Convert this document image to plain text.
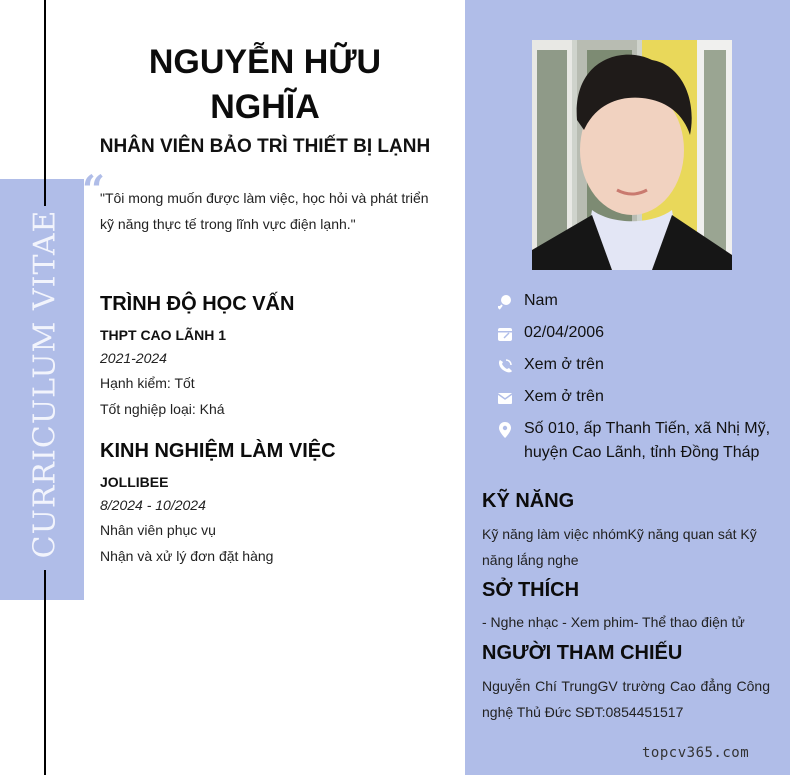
CURRICULUM VITAE
NGUYỄN HỮU
NGHĨA
NHÂN VIÊN BẢO TRÌ THIẾT BỊ LẠNH
“
"Tôi mong muốn được làm việc, học hỏi và phát triển kỹ năng thực tế trong lĩnh vực điện lạnh."
TRÌNH ĐỘ HỌC VẤN
THPT CAO LÃNH 1
2021-2024
Hạnh kiểm: Tốt
Tốt nghiệp loại: Khá
KINH NGHIỆM LÀM VIỆC
JOLLIBEE
8/2024 - 10/2024
Nhân viên phục vụ
Nhận và xử lý đơn đặt hàng
Nam
02/04/2006
Xem ở trên
Xem ở trên
Số 010, ấp Thanh Tiến, xã Nhị Mỹ, huyện Cao Lãnh, tỉnh Đồng Tháp
KỸ NĂNG
Kỹ năng làm việc nhómKỹ năng quan sát Kỹ năng lắng nghe
SỞ THÍCH
- Nghe nhạc - Xem phim- Thể thao điện tử
NGƯỜI THAM CHIẾU
Nguyễn Chí TrungGV trường Cao đẳng Công nghệ Thủ Đức SĐT:0854451517
topcv365.com
